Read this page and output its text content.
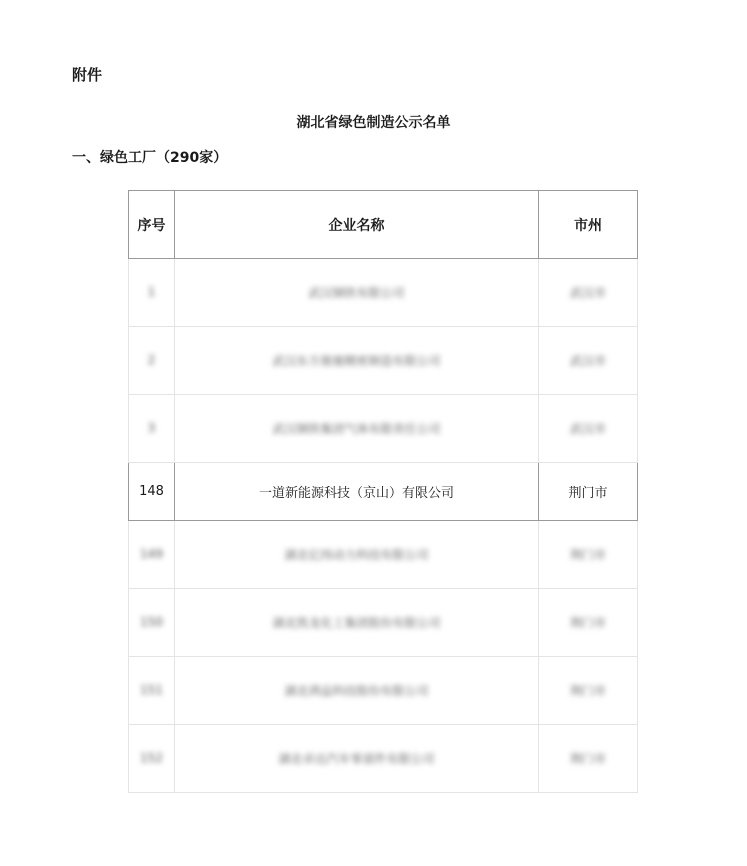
附件
湖北省绿色制造公示名单
一、绿色工厂（290家）
序号	企业名称	市州
1	武汉钢铁有限公司	武汉市
2	武汉东方骏驰精密制造有限公司	武汉市
3	武汉钢铁集团气体有限责任公司	武汉市
148	一道新能源科技（京山）有限公司	荆门市
149	湖北亿纬动力科技有限公司	荆门市
150	湖北凯龙化工集团股份有限公司	荆门市
151	湖北鸿益科技股份有限公司	荆门市
152	湖北卓达汽车零部件有限公司	荆门市
